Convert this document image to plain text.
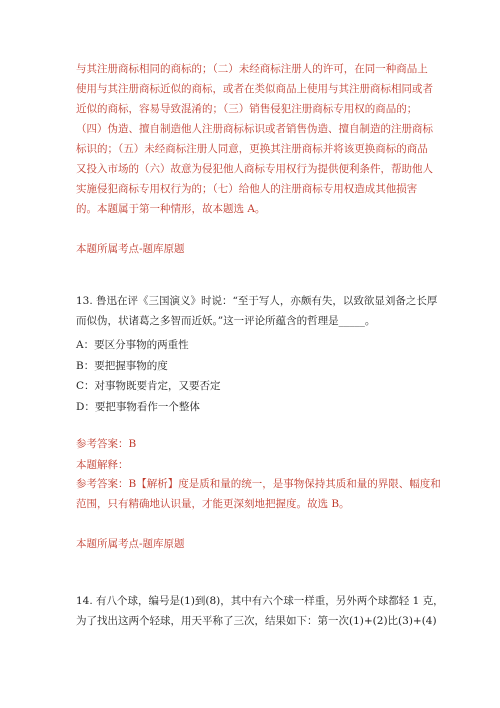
与其注册商标相同的商标的；（二）未经商标注册人的许可，在同一种商品上
使用与其注册商标近似的商标，或者在类似商品上使用与其注册商标相同或者
近似的商标，容易导致混淆的；（三）销售侵犯注册商标专用权的商品的；
（四）伪造、擅自制造他人注册商标标识或者销售伪造、擅自制造的注册商标
标识的；（五）未经商标注册人同意，更换其注册商标并将该更换商标的商品
又投入市场的（六）故意为侵犯他人商标专用权行为提供便利条件，帮助他人
实施侵犯商标专用权行为的；（七）给他人的注册商标专用权造成其他损害
的。本题属于第一种情形，故本题选 A。
本题所属考点-题库原题
13. 鲁迅在评《三国演义》时说：“至于写人，亦颇有失，以致欲显刘备之长厚
而似伪，状诸葛之多智而近妖。”这一评论所蕴含的哲理是_____。
A：要区分事物的两重性
B：要把握事物的度
C：对事物既要肯定，又要否定
D：要把事物看作一个整体
参考答案：B
本题解释：
参考答案：B【解析】度是质和量的统一，是事物保持其质和量的界限、幅度和
范围，只有精确地认识量，才能更深刻地把握度。故选 B。
本题所属考点-题库原题
14. 有八个球，编号是(1)到(8)，其中有六个球一样重，另外两个球都轻 1 克，
为了找出这两个轻球，用天平称了三次，结果如下：第一次(1)+(2)比(3)+(4)
